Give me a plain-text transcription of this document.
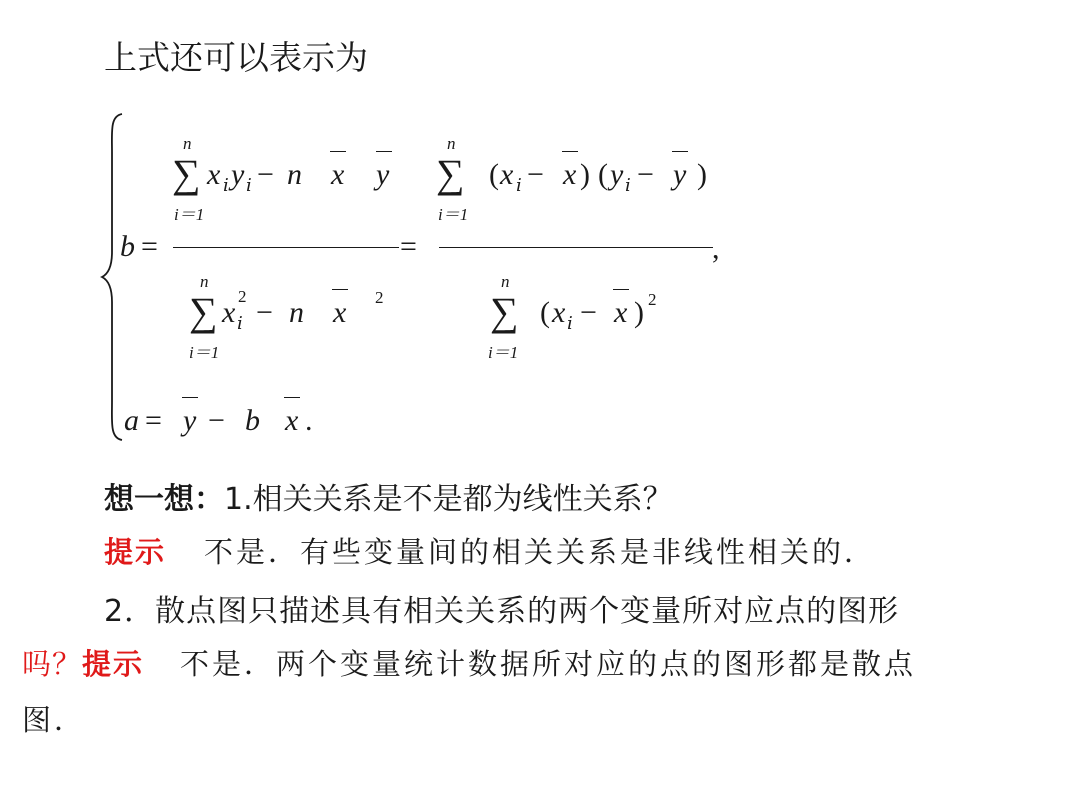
上式还可以表示为
n
∑
i＝1
x i y i − n x y
n
∑
i＝1
( x i − x ) ( y i − y )
b =	=	,
n
∑
i＝1
x i
2 − n x 2
n
∑
i＝1
( x i − x ) 2
a = y − b x .
想一想：1.相关关系是不是都为线性关系？
提示 不是．有些变量间的相关关系是非线性相关的．
2．散点图只描述具有相关关系的两个变量所对应点的图形
吗？提示 不是．两个变量统计数据所对应的点的图形都是散点
图．
